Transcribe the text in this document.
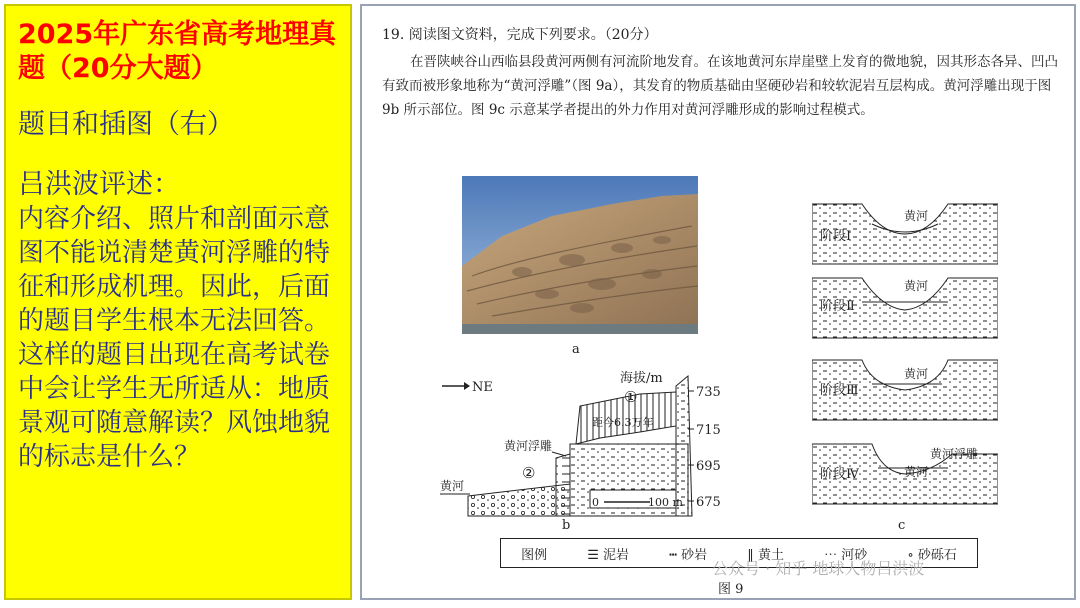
2025年广东省高考地理真题（20分大题）
题目和插图（右）
吕洪波评述：
内容介绍、照片和剖面示意图不能说清楚黄河浮雕的特征和形成机理。因此，后面的题目学生根本无法回答。这样的题目出现在高考试卷中会让学生无所适从：地质景观可随意解读？风蚀地貌的标志是什么？
19. 阅读图文资料，完成下列要求。（20分）
在晋陕峡谷山西临县段黄河两侧有河流阶地发育。在该地黄河东岸崖壁上发育的微地貌，因其形态各异、凹凸有致而被形象地称为“黄河浮雕”（图 9a），其发育的物质基础由坚硬砂岩和较软泥岩互层构成。黄河浮雕出现于图 9b 所示部位。图 9c 示意某学者提出的外力作用对黄河浮雕形成的影响过程模式。
a
NE
海拔/m
735
715
695
675
①
②
距今6.3万年
黄河浮雕
黄河
0	100 m
b
黄河
阶段Ⅰ
黄河
阶段Ⅱ
黄河
阶段Ⅲ
黄河
阶段Ⅳ
黄河浮雕
c
图例	☰ 泥岩	┅ 砂岩	‖ 黄土	⋯ 河砂	∘ 砂砾石
图 9
公众号 · 知乎 地球人物吕洪波
